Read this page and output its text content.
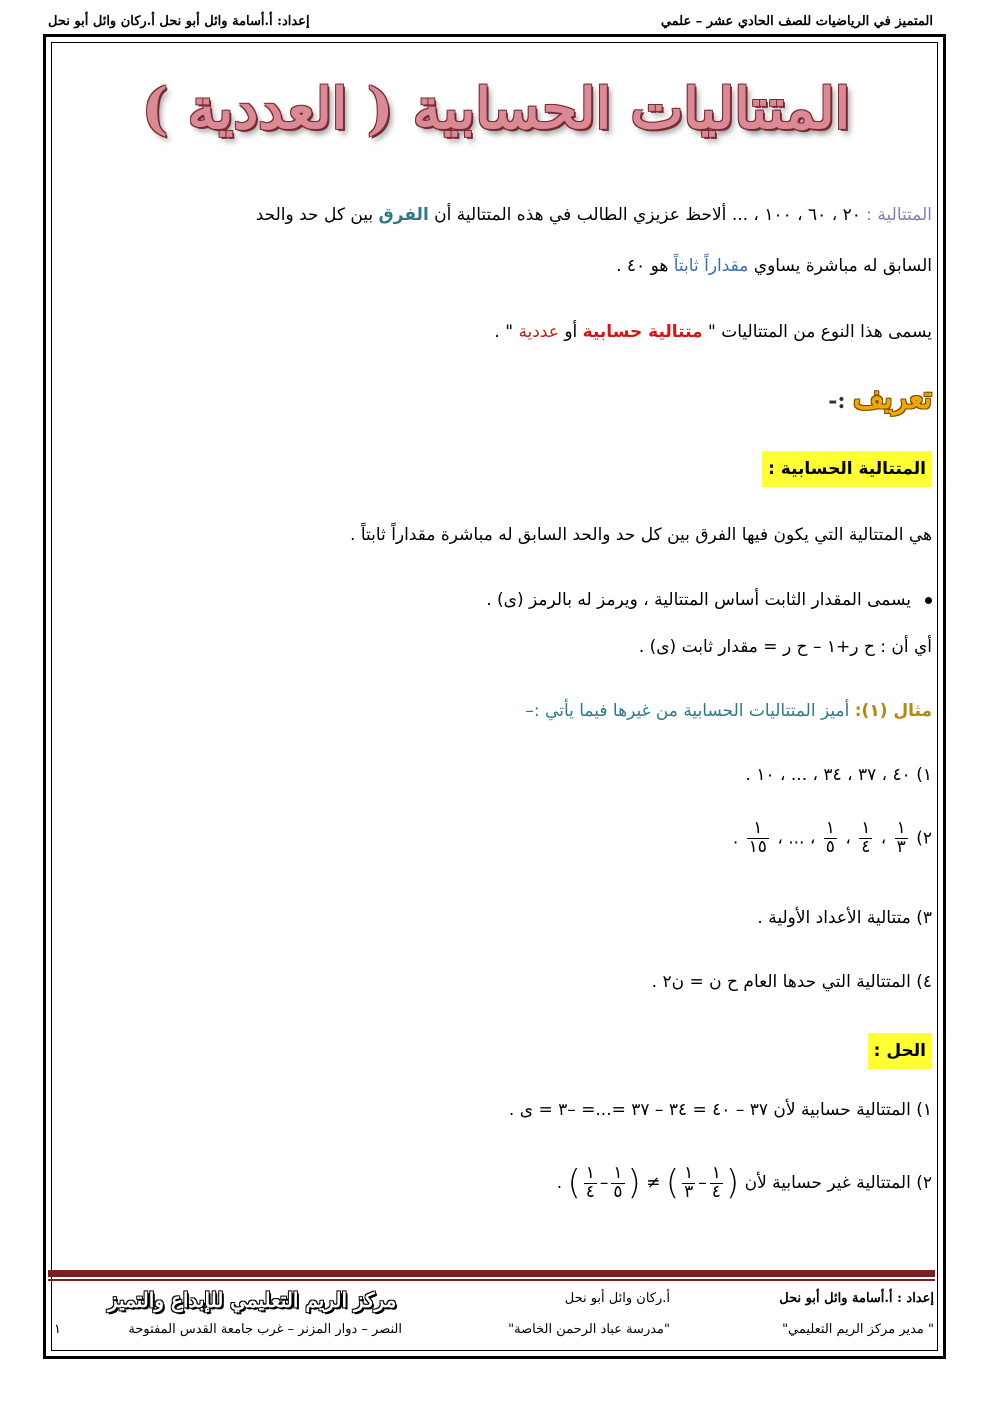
المتميز في الرياضيات للصف الحادي عشر – علمي
إعداد: أ.أسامة وائل أبو نحل أ.ركان وائل أبو نحل
المتتاليات الحسابية ( العددية )
المتتالية : ٢٠ ، ٦٠ ، ١٠٠ ، ... ألاحظ عزيزي الطالب في هذه المتتالية أن الفرق بين كل حد والحد
السابق له مباشرة يساوي مقداراً ثابتاً هو ٤٠ .
يسمى هذا النوع من المتتاليات " متتالية حسابية أو عددية " .
تعريف :-
المتتالية الحسابية :
هي المتتالية التي يكون فيها الفرق بين كل حد والحد السابق له مباشرة مقداراً ثابتاً .
يسمى المقدار الثابت أساس المتتالية ، ويرمز له بالرمز (ى) .
أي أن : ح ر+١ – ح ر = مقدار ثابت (ى) .
مثال (١): أميز المتتاليات الحسابية من غيرها فيما يأتي :–
١) ٤٠ ، ٣٧ ، ٣٤ ، ... ، ١٠ .
٢)
$\frac{١}{٣}$
،
$\frac{١}{٤}$
،
$\frac{١}{٥}$
، ... ،
$\frac{١}{١٥}$
.
٣) متتالية الأعداد الأولية .
٤) المتتالية التي حدها العام ح ن = ن٢ .
الحل :
١) المتتالية حسابية لأن ٣٧ – ٤٠ = ٣٤ – ٣٧ =...= –٣ = ى .
٢) المتتالية غير حسابية لأن (
$\frac{١}{٤}$
–
$\frac{١}{٣}$
) ≠ (
$\frac{١}{٥}$
–
$\frac{١}{٤}$
) .
إعداد : أ.أسامة وائل أبو نحل
أ.ركان وائل أبو نحل
مركز الريم التعليمي للإبداع والتميز
" مدير مركز الريم التعليمي"
"مدرسة عباد الرحمن الخاصة"
النصر – دوار المزنر – غرب جامعة القدس المفتوحة
١
